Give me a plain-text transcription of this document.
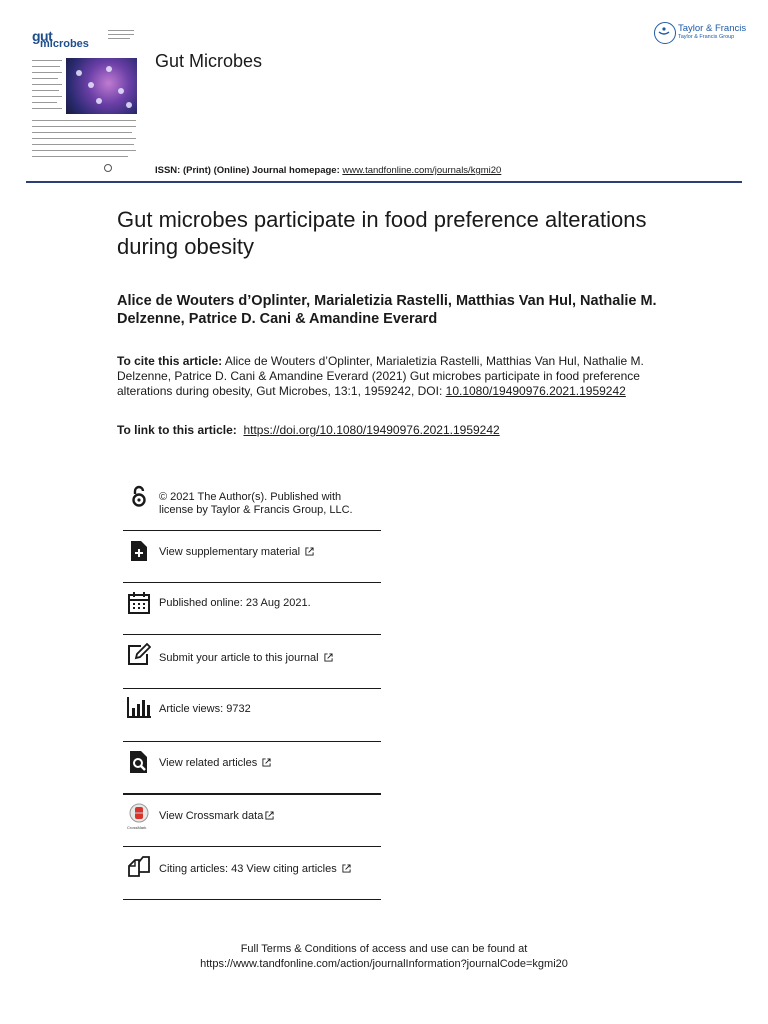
gut
microbes
Gut Microbes
Taylor & Francis
Taylor & Francis Group
ISSN: (Print) (Online) Journal homepage: www.tandfonline.com/journals/kgmi20
Gut microbes participate in food preference alterations during obesity
Alice de Wouters d’Oplinter, Marialetizia Rastelli, Matthias Van Hul, Nathalie M. Delzenne, Patrice D. Cani & Amandine Everard
To cite this article: Alice de Wouters d’Oplinter, Marialetizia Rastelli, Matthias Van Hul, Nathalie M. Delzenne, Patrice D. Cani & Amandine Everard (2021) Gut microbes participate in food preference alterations during obesity, Gut Microbes, 13:1, 1959242, DOI: 10.1080/19490976.2021.1959242
To link to this article: https://doi.org/10.1080/19490976.2021.1959242
© 2021 The Author(s). Published with
license by Taylor & Francis Group, LLC.
View supplementary material
Published online: 23 Aug 2021.
Submit your article to this journal
Article views: 9732
View related articles
CrossMark
View Crossmark data
Citing articles: 43 View citing articles
Full Terms & Conditions of access and use can be found at
https://www.tandfonline.com/action/journalInformation?journalCode=kgmi20
